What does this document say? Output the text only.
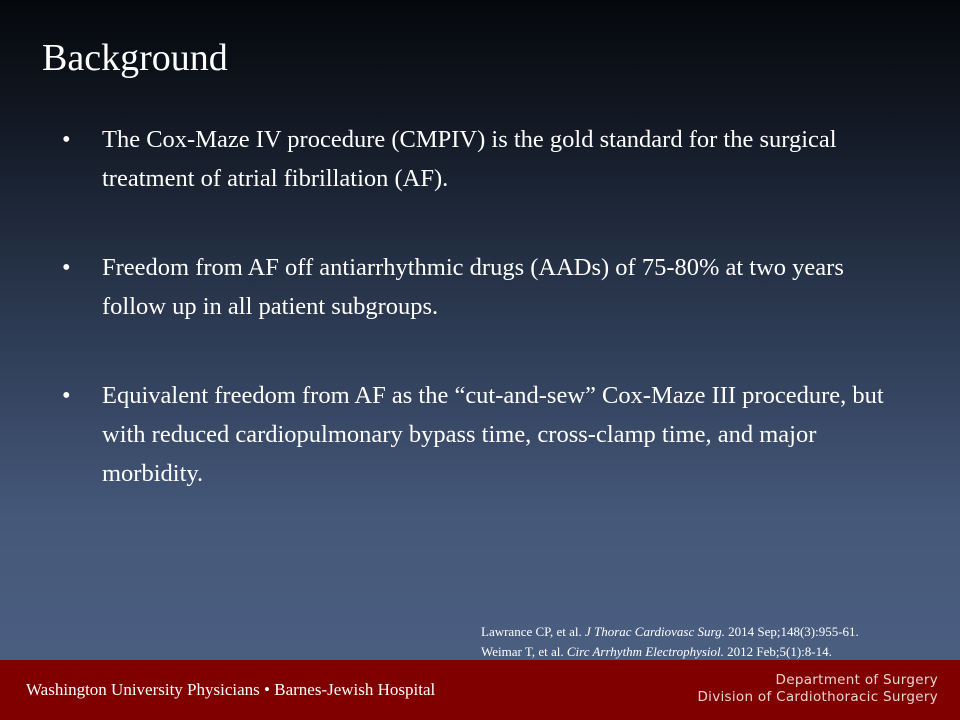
Background
•	The Cox-Maze IV procedure (CMPIV) is the gold standard for the surgical treatment of atrial fibrillation (AF).
•	Freedom from AF off antiarrhythmic drugs (AADs) of 75-80% at two years follow up in all patient subgroups.
•	Equivalent freedom from AF as the “cut-and-sew” Cox-Maze III procedure, but with reduced cardiopulmonary bypass time, cross-clamp time, and major morbidity.
Lawrance CP, et al. J Thorac Cardiovasc Surg. 2014 Sep;148(3):955-61.
Weimar T, et al. Circ Arrhythm Electrophysiol. 2012 Feb;5(1):8-14.
Washington University Physicians • Barnes-Jewish Hospital	Department of Surgery
Division of Cardiothoracic Surgery
